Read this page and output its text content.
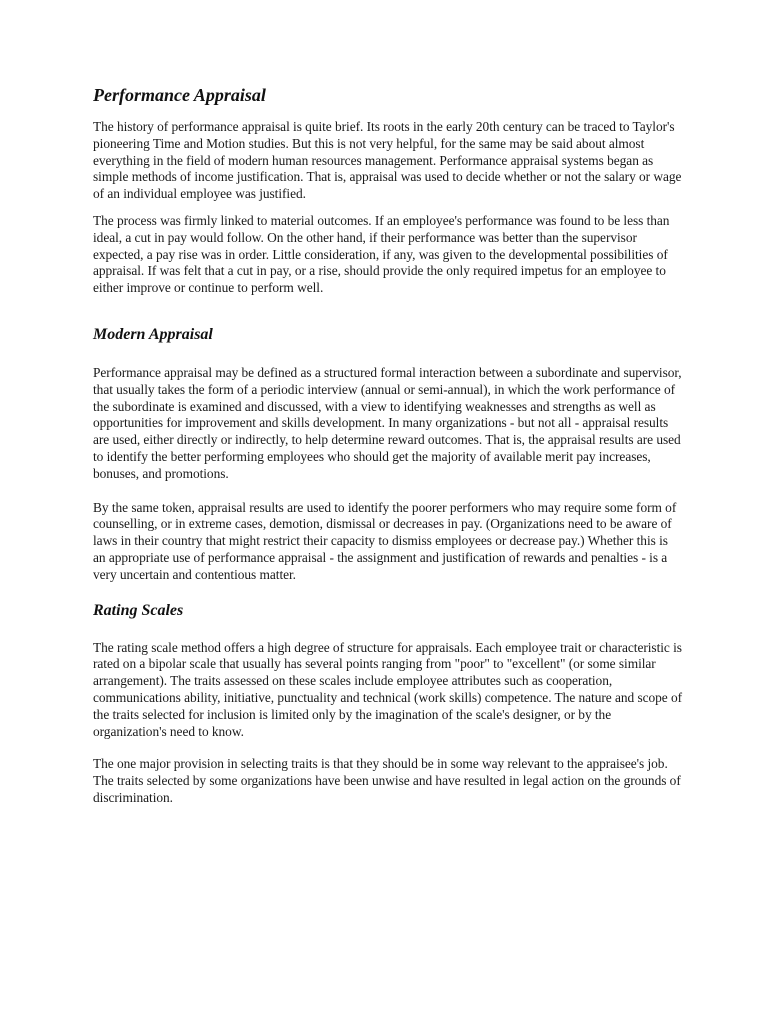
Performance Appraisal

The history of performance appraisal is quite brief. Its roots in the early 20th century can be traced to Taylor's pioneering Time and Motion studies. But this is not very helpful, for the same may be said about almost everything in the field of modern human resources management. Performance appraisal systems began as simple methods of income justification. That is, appraisal was used to decide whether or not the salary or wage of an individual employee was justified.

The process was firmly linked to material outcomes. If an employee's performance was found to be less than ideal, a cut in pay would follow. On the other hand, if their performance was better than the supervisor expected, a pay rise was in order. Little consideration, if any, was given to the developmental possibilities of appraisal. If was felt that a cut in pay, or a rise, should provide the only required impetus for an employee to either improve or continue to perform well.

Modern Appraisal

Performance appraisal may be defined as a structured formal interaction between a subordinate and supervisor, that usually takes the form of a periodic interview (annual or semi-annual), in which the work performance of the subordinate is examined and discussed, with a view to identifying weaknesses and strengths as well as opportunities for improvement and skills development. In many organizations - but not all - appraisal results are used, either directly or indirectly, to help determine reward outcomes. That is, the appraisal results are used to identify the better performing employees who should get the majority of available merit pay increases, bonuses, and promotions.

By the same token, appraisal results are used to identify the poorer performers who may require some form of counselling, or in extreme cases, demotion, dismissal or decreases in pay. (Organizations need to be aware of laws in their country that might restrict their capacity to dismiss employees or decrease pay.) Whether this is an appropriate use of performance appraisal - the assignment and justification of rewards and penalties - is a very uncertain and contentious matter.

Rating Scales

The rating scale method offers a high degree of structure for appraisals. Each employee trait or characteristic is rated on a bipolar scale that usually has several points ranging from "poor" to "excellent" (or some similar arrangement). The traits assessed on these scales include employee attributes such as cooperation, communications ability, initiative, punctuality and technical (work skills) competence. The nature and scope of the traits selected for inclusion is limited only by the imagination of the scale's designer, or by the organization's need to know.

The one major provision in selecting traits is that they should be in some way relevant to the appraisee's job. The traits selected by some organizations have been unwise and have resulted in legal action on the grounds of discrimination.
